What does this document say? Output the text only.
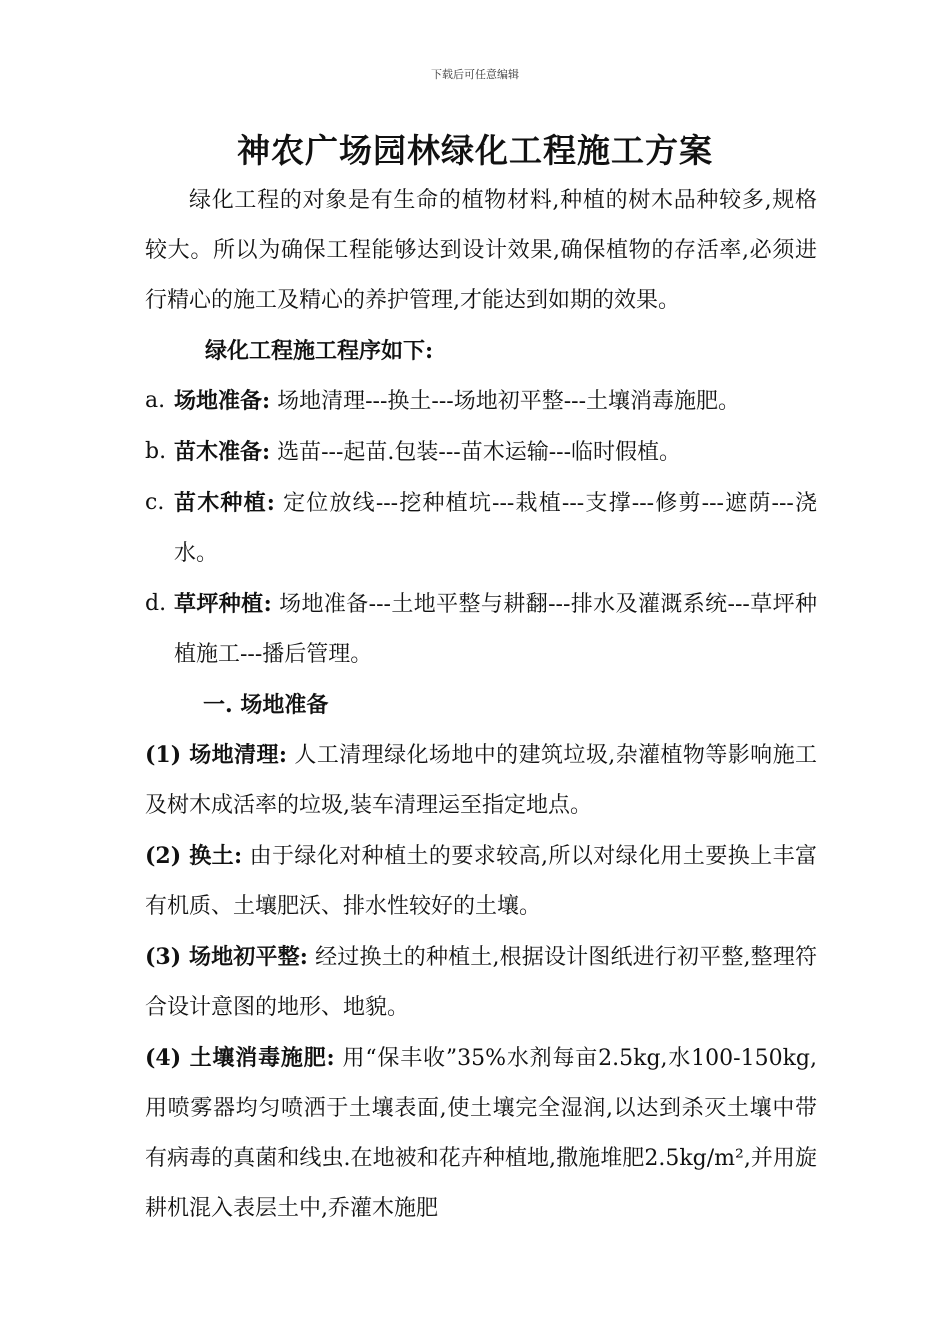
下载后可任意编辑
神农广场园林绿化工程施工方案

绿化工程的对象是有生命的植物材料,种植的树木品种较多,规格较大。所以为确保工程能够达到设计效果,确保植物的存活率,必须进行精心的施工及精心的养护管理,才能达到如期的效果。

绿化工程施工程序如下:

a. 场地准备: 场地清理---换土---场地初平整---土壤消毒施肥。

b. 苗木准备: 选苗---起苗.包装---苗木运输---临时假植。

c. 苗木种植: 定位放线---挖种植坑---栽植---支撑---修剪---遮荫---浇水。

d. 草坪种植: 场地准备---土地平整与耕翻---排水及灌溉系统---草坪种植施工---播后管理。

一. 场地准备

(1) 场地清理: 人工清理绿化场地中的建筑垃圾,杂灌植物等影响施工及树木成活率的垃圾,装车清理运至指定地点。

(2) 换土: 由于绿化对种植土的要求较高,所以对绿化用土要换上丰富有机质、土壤肥沃、排水性较好的土壤。

(3) 场地初平整: 经过换土的种植土,根据设计图纸进行初平整,整理符合设计意图的地形、地貌。

(4) 土壤消毒施肥: 用“保丰收”35%水剂每亩2.5kg,水100-150kg,用喷雾器均匀喷洒于土壤表面,使土壤完全湿润,以达到杀灭土壤中带有病毒的真菌和线虫.在地被和花卉种植地,撒施堆肥2.5kg/m²,并用旋耕机混入表层土中,乔灌木施肥
